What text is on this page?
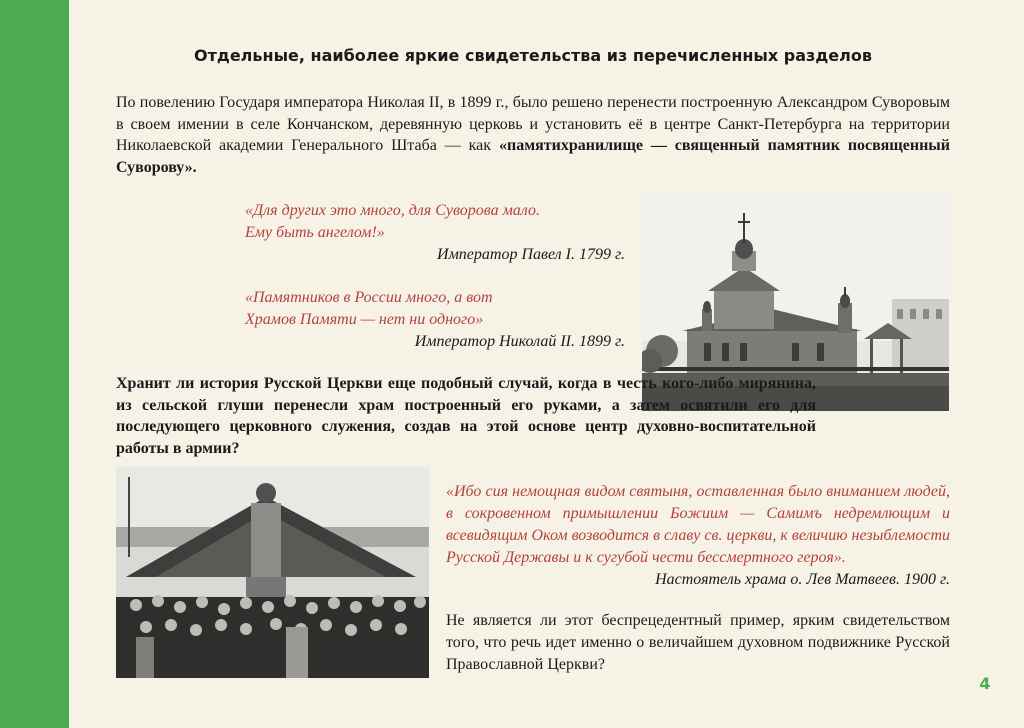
Отдельные, наиболее яркие свидетельства из перечисленных разделов
По повелению Государя императора Николая II, в 1899 г., было решено перенести построенную Александром Суворовым в своем имении в селе Кончанском, деревянную церковь и установить её в центре Санкт-Петербурга на территории Николаевской академии Генерального Штаба — как «памятихранилище — священный памятник посвященный Суворову».
«Для других это много, для Суворова мало.
Ему быть ангелом!»
Император Павел I. 1799 г.
«Памятников в России много, а вот
Храмов Памяти — нет ни одного»
Император Николай II. 1899 г.
Хранит ли история Русской Церкви еще подобный случай, когда в честь кого-либо мирянина, из сельской глуши перенесли храм построенный его руками, а затем освятили его для последующего церковного служения, создав на этой основе центр духовно-воспитательной работы в армии?
«Ибо сия немощная видом святыня, оставленная было вниманием людей, в сокровенном примышлении Божиим — Самимъ недремлющим и всевидящим Оком возводится в славу св. церкви, к величию незыблемости Русской Державы и к сугубой чести бессмертного героя».
Настоятель храма о. Лев Матвеев. 1900 г.
Не является ли этот беспрецедентный пример, ярким свидетельством того, что речь идет именно о величайшем духовном подвижнике Русской Православной Церкви?
4
